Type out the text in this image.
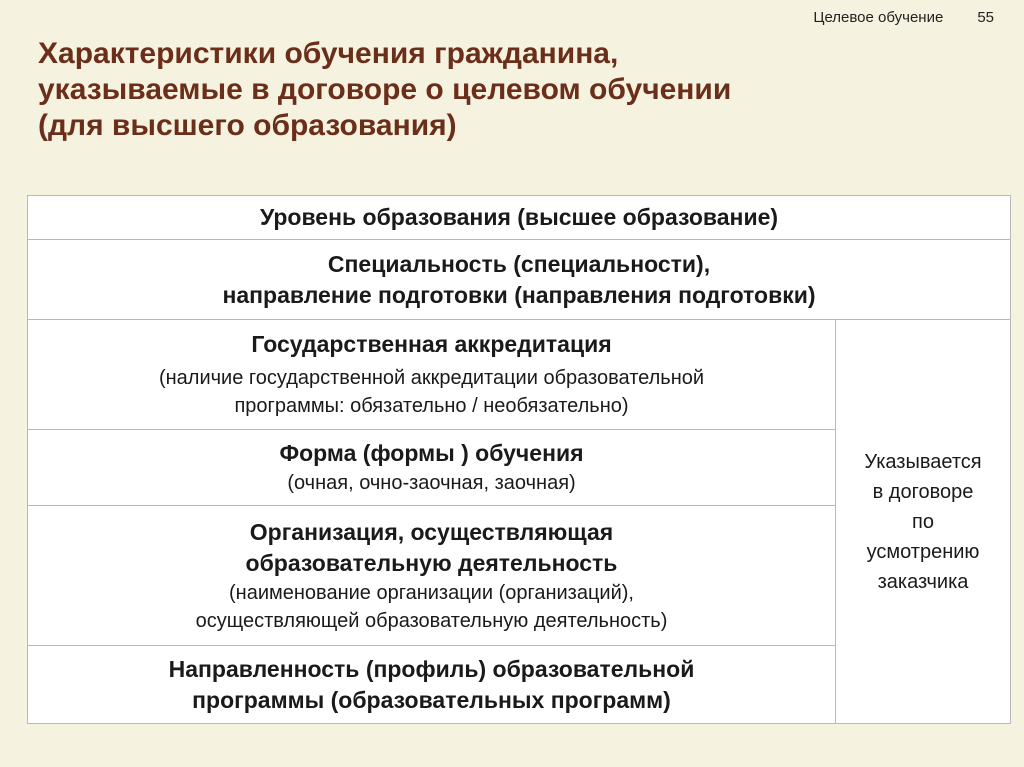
Целевое обучение 55
Характеристики обучения гражданина,
указываемые в договоре о целевом обучении
(для высшего образования)
Уровень образования (высшее образование)
Специальность (специальности),
направление подготовки (направления подготовки)
Государственная аккредитация
(наличие государственной аккредитации образовательной
программы: обязательно / необязательно)
Форма (формы ) обучения
(очная, очно-заочная, заочная)
Организация, осуществляющая
образовательную деятельность
(наименование организации (организаций),
осуществляющей образовательную деятельность)
Направленность (профиль) образовательной
программы (образовательных программ)
Указывается
в договоре
по
усмотрению
заказчика
